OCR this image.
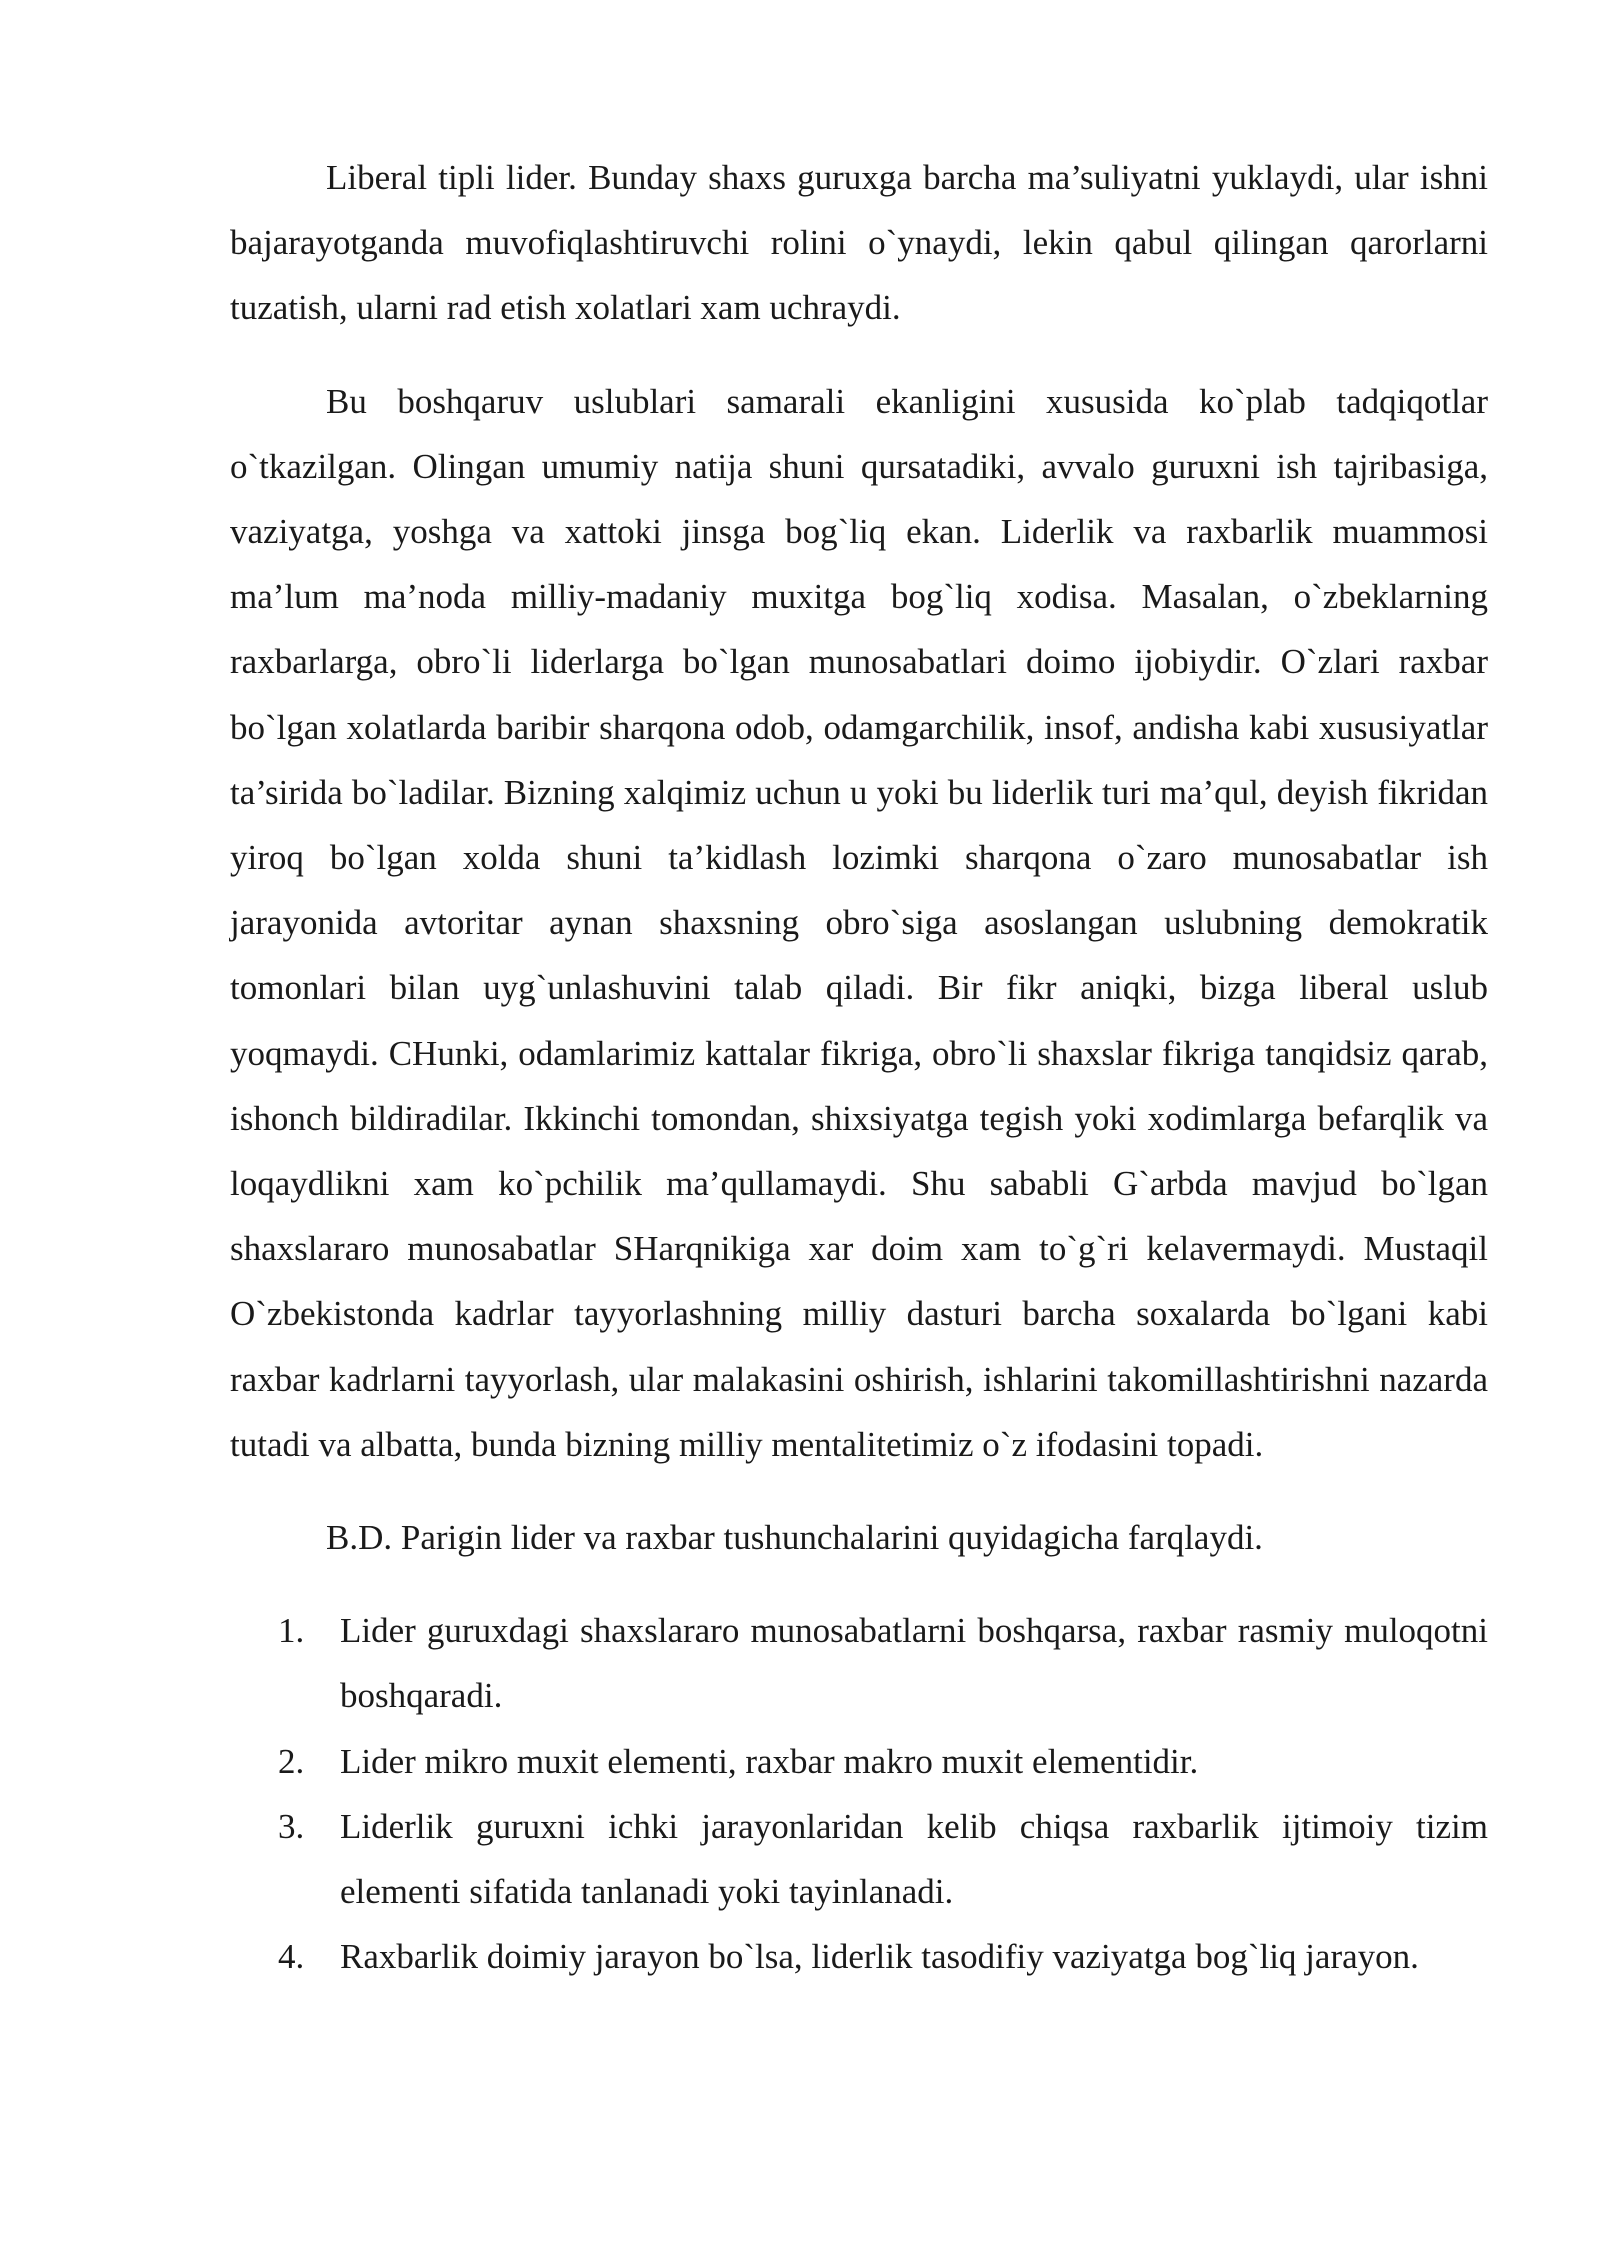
Liberal tipli lider. Bunday shaxs guruxga barcha ma’suliyatni yuklaydi, ular ishni bajarayotganda muvofiqlashtiruvchi rolini o`ynaydi, lekin qabul qilingan qarorlarni tuzatish, ularni rad etish xolatlari xam uchraydi.

Bu boshqaruv uslublari samarali ekanligini xususida ko`plab tadqiqotlar o`tkazilgan. Olingan umumiy natija shuni qursatadiki, avvalo guruxni ish tajribasiga, vaziyatga, yoshga va xattoki jinsga bog`liq ekan. Liderlik va raxbarlik muammosi ma’lum ma’noda milliy-madaniy muxitga bog`liq xodisa. Masalan, o`zbeklarning raxbarlarga, obro`li liderlarga bo`lgan munosabatlari doimo ijobiydir. O`zlari raxbar bo`lgan xolatlarda baribir sharqona odob, odamgarchilik, insof, andisha kabi xususiyatlar ta’sirida bo`ladilar. Bizning xalqimiz uchun u yoki bu liderlik turi ma’qul, deyish fikridan yiroq bo`lgan xolda shuni ta’kidlash lozimki sharqona o`zaro munosabatlar ish jarayonida avtoritar aynan shaxsning obro`siga asoslangan uslubning demokratik tomonlari bilan uyg`unlashuvini talab qiladi. Bir fikr aniqki, bizga liberal uslub yoqmaydi. CHunki, odamlarimiz kattalar fikriga, obro`li shaxslar fikriga tanqidsiz qarab, ishonch bildiradilar. Ikkinchi tomondan, shixsiyatga tegish yoki xodimlarga befarqlik va loqaydlikni xam ko`pchilik ma’qullamaydi. Shu sababli G`arbda mavjud bo`lgan shaxslararo munosabatlar SHarqnikiga xar doim xam to`g`ri kelavermaydi. Mustaqil O`zbekistonda kadrlar tayyorlashning milliy dasturi barcha soxalarda bo`lgani kabi raxbar kadrlarni tayyorlash, ular malakasini oshirish, ishlarini takomillashtirishni nazarda tutadi va albatta, bunda bizning milliy mentalitetimiz o`z ifodasini topadi.

B.D. Parigin lider va raxbar tushunchalarini quyidagicha farqlaydi.

1. Lider guruxdagi shaxslararo munosabatlarni boshqarsa, raxbar rasmiy muloqotni boshqaradi.
2. Lider mikro muxit elementi, raxbar makro muxit elementidir.
3. Liderlik guruxni ichki jarayonlaridan kelib chiqsa raxbarlik ijtimoiy tizim elementi sifatida tanlanadi yoki tayinlanadi.
4. Raxbarlik doimiy jarayon bo`lsa, liderlik tasodifiy vaziyatga bog`liq jarayon.
